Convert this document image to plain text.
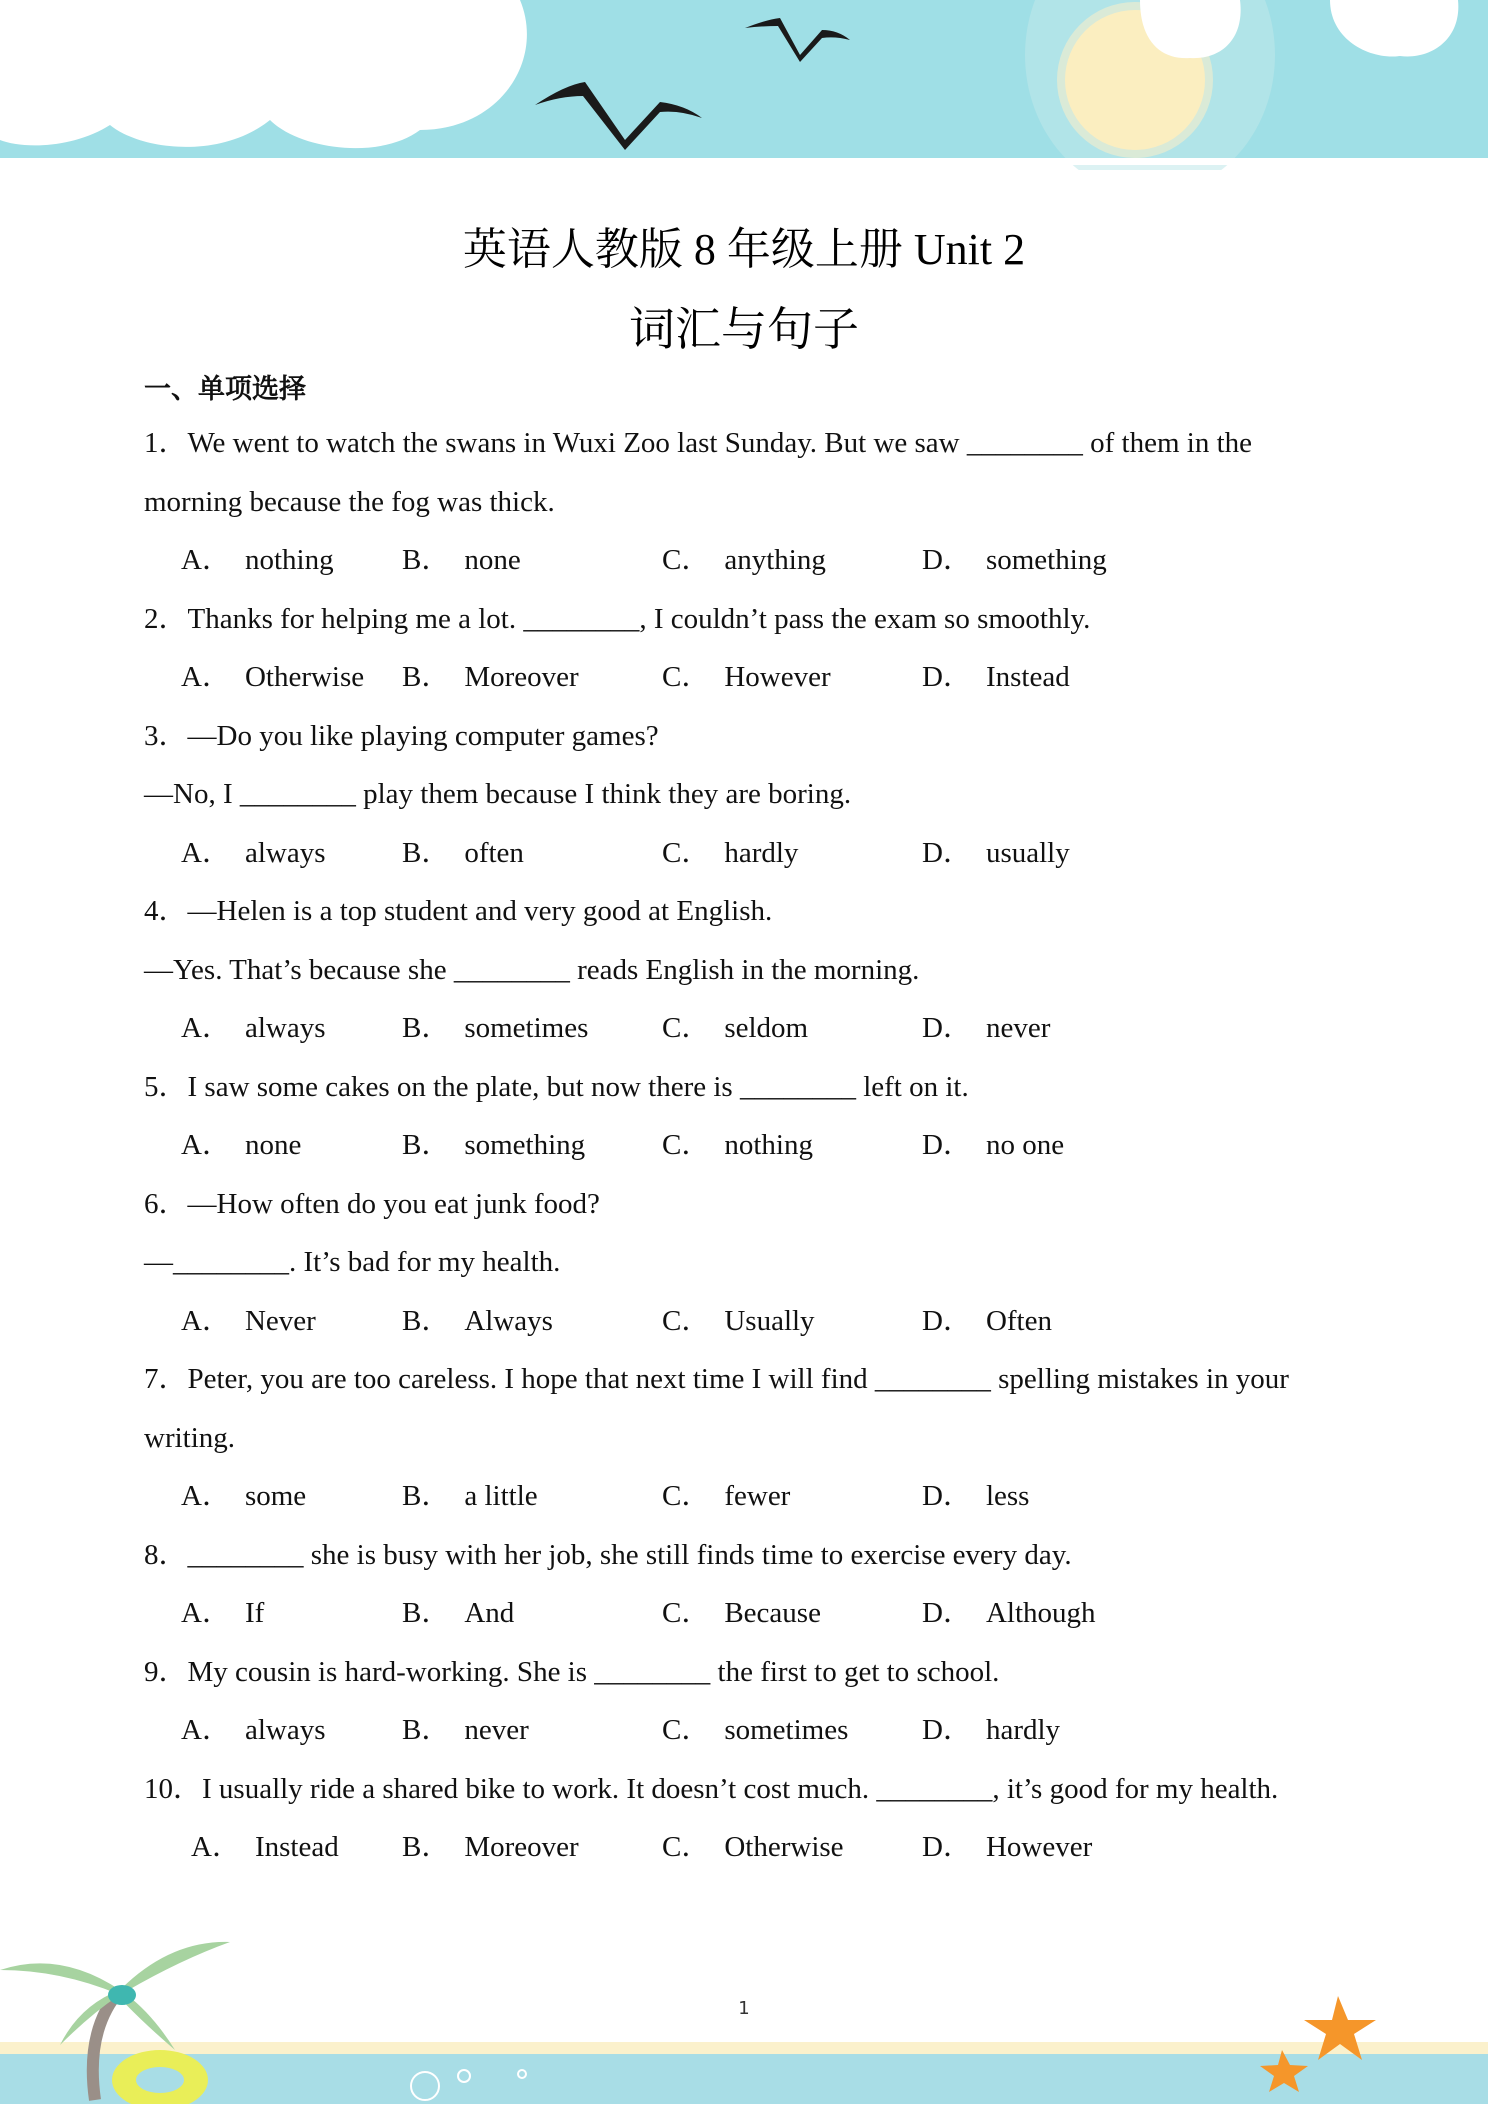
英语人教版 8 年级上册 Unit 2
词汇与句子

一、单项选择

1．We went to watch the swans in Wuxi Zoo last Sunday. But we saw ________ of them in the

morning because the fog was thick.

A． nothing B． none	C． anything	D． something

2．Thanks for helping me a lot. ________, I couldn’t pass the exam so smoothly.

A． Otherwise B． Moreover	C． However	D． Instead

3．—Do you like playing computer games?

—No, I ________ play them because I think they are boring.

A． always	B． often	C． hardly	D． usually

4．—Helen is a top student and very good at English.

—Yes. That’s because she ________ reads English in the morning.

A． always	B． sometimes	C． seldom	D． never

5．I saw some cakes on the plate, but now there is ________ left on it.

A． none	B． something	C． nothing	D． no one

6．—How often do you eat junk food?

—________. It’s bad for my health.

A． Never	B． Always	C． Usually	D． Often

7．Peter, you are too careless. I hope that next time I will find ________ spelling mistakes in your

writing.

A． some	B． a little	C． fewer	D． less

8．________ she is busy with her job, she still finds time to exercise every day.

A． If	B． And	C． Because	D． Although

9．My cousin is hard-working. She is ________ the first to get to school.

A． always	B． never	C． sometimes	D． hardly

10．I usually ride a shared bike to work. It doesn’t cost much. ________, it’s good for my health.

A． Instead B． Moreover	C． Otherwise	D． However
1
